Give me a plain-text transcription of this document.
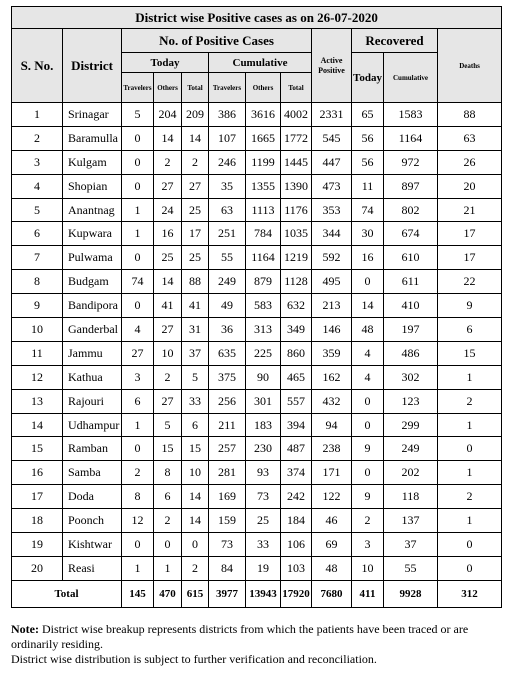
District wise Positive cases as on 26-07-2020											
S. No.	District	No. of Positive Cases						Active Positive	Recovered		Deaths
		Today			Cumulative				Today	Cumulative	
		Travelers	Others	Total	Travelers	Others	Total				
1	Srinagar	5	204	209	386	3616	4002	2331	65	1583	88
2	Baramulla	0	14	14	107	1665	1772	545	56	1164	63
3	Kulgam	0	2	2	246	1199	1445	447	56	972	26
4	Shopian	0	27	27	35	1355	1390	473	11	897	20
5	Anantnag	1	24	25	63	1113	1176	353	74	802	21
6	Kupwara	1	16	17	251	784	1035	344	30	674	17
7	Pulwama	0	25	25	55	1164	1219	592	16	610	17
8	Budgam	74	14	88	249	879	1128	495	0	611	22
9	Bandipora	0	41	41	49	583	632	213	14	410	9
10	Ganderbal	4	27	31	36	313	349	146	48	197	6
11	Jammu	27	10	37	635	225	860	359	4	486	15
12	Kathua	3	2	5	375	90	465	162	4	302	1
13	Rajouri	6	27	33	256	301	557	432	0	123	2
14	Udhampur	1	5	6	211	183	394	94	0	299	1
15	Ramban	0	15	15	257	230	487	238	9	249	0
16	Samba	2	8	10	281	93	374	171	0	202	1
17	Doda	8	6	14	169	73	242	122	9	118	2
18	Poonch	12	2	14	159	25	184	46	2	137	1
19	Kishtwar	0	0	0	73	33	106	69	3	37	0
20	Reasi	1	1	2	84	19	103	48	10	55	0
Total		145	470	615	3977	13943	17920	7680	411	9928	312
Note: District wise breakup represents districts from which the patients have been traced or are ordinarily residing.
District wise distribution is subject to further verification and reconciliation.
